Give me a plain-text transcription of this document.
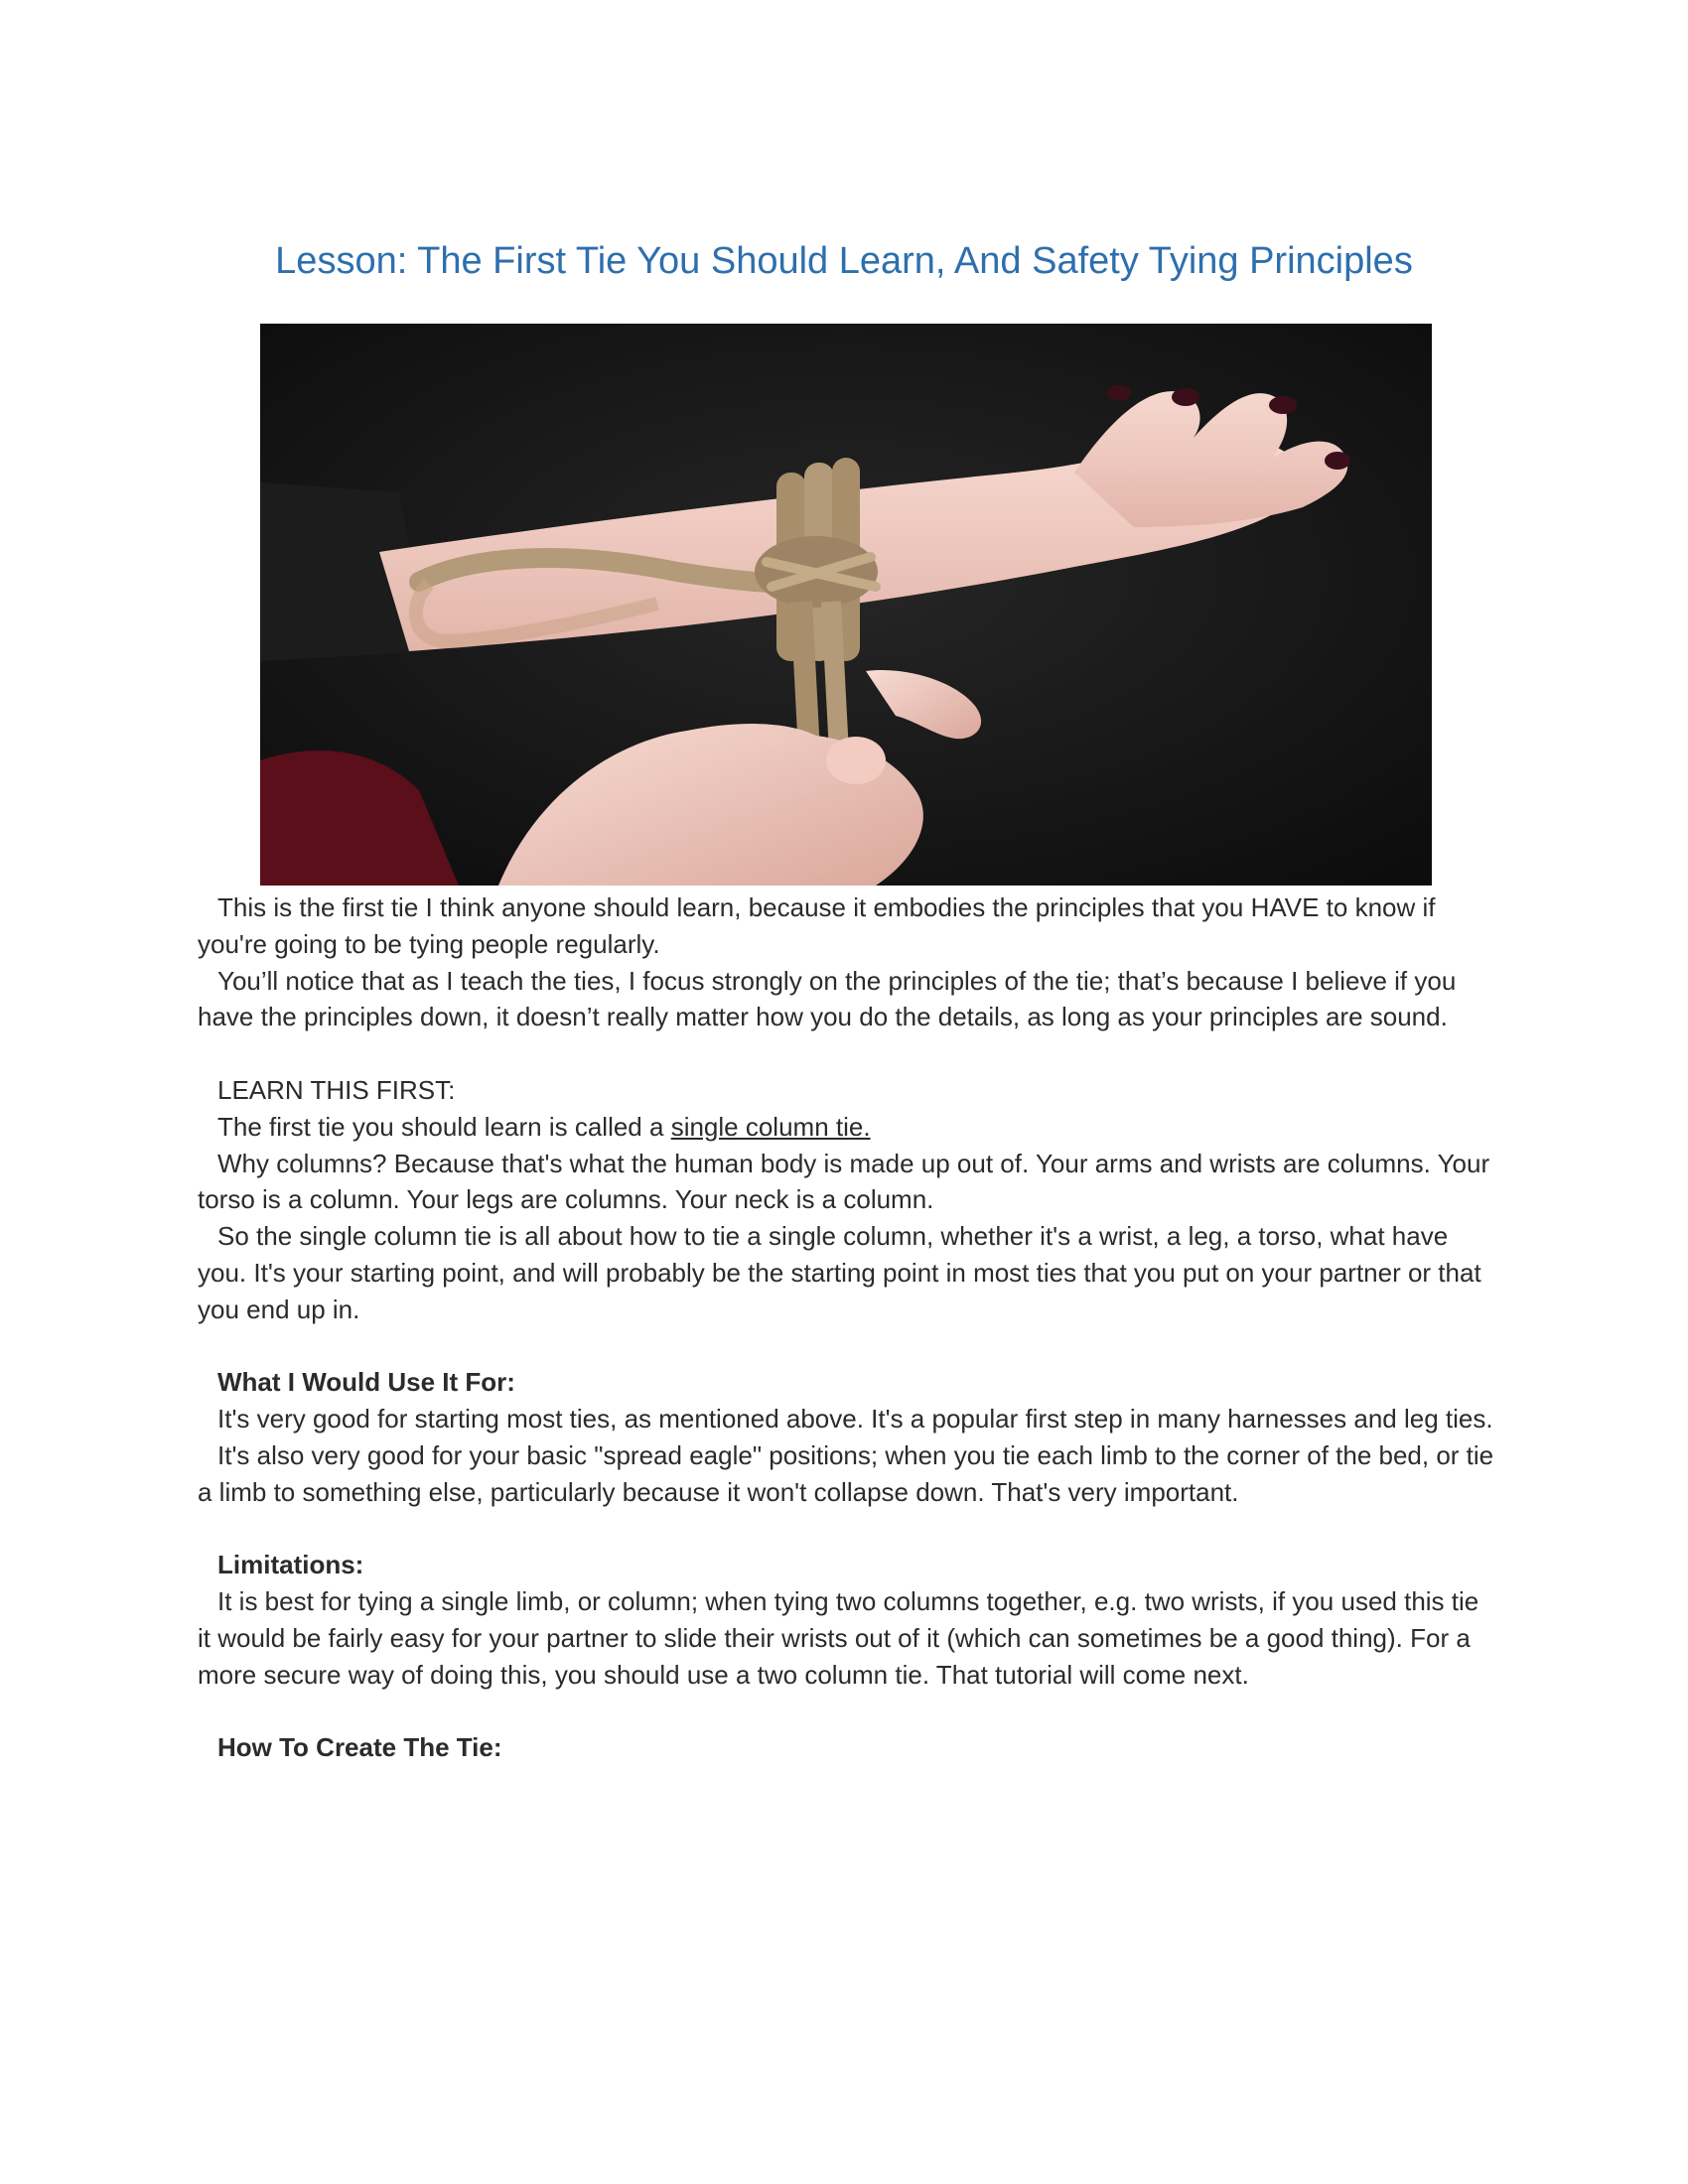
Lesson: The First Tie You Should Learn, And Safety Tying Principles

This is the first tie I think anyone should learn, because it embodies the principles that you HAVE to know if you're going to be tying people regularly.

You’ll notice that as I teach the ties, I focus strongly on the principles of the tie; that’s because I believe if you have the principles down, it doesn’t really matter how you do the details, as long as your principles are sound.

LEARN THIS FIRST:

The first tie you should learn is called a single column tie.

Why columns? Because that's what the human body is made up out of. Your arms and wrists are columns. Your torso is a column. Your legs are columns. Your neck is a column.

So the single column tie is all about how to tie a single column, whether it's a wrist, a leg, a torso, what have you. It's your starting point, and will probably be the starting point in most ties that you put on your partner or that you end up in.

What I Would Use It For:

It's very good for starting most ties, as mentioned above. It's a popular first step in many harnesses and leg ties.

It's also very good for your basic "spread eagle" positions; when you tie each limb to the corner of the bed, or tie a limb to something else, particularly because it won't collapse down. That's very important.

Limitations:

It is best for tying a single limb, or column; when tying two columns together, e.g. two wrists, if you used this tie it would be fairly easy for your partner to slide their wrists out of it (which can sometimes be a good thing). For a more secure way of doing this, you should use a two column tie. That tutorial will come next.

How To Create The Tie:
